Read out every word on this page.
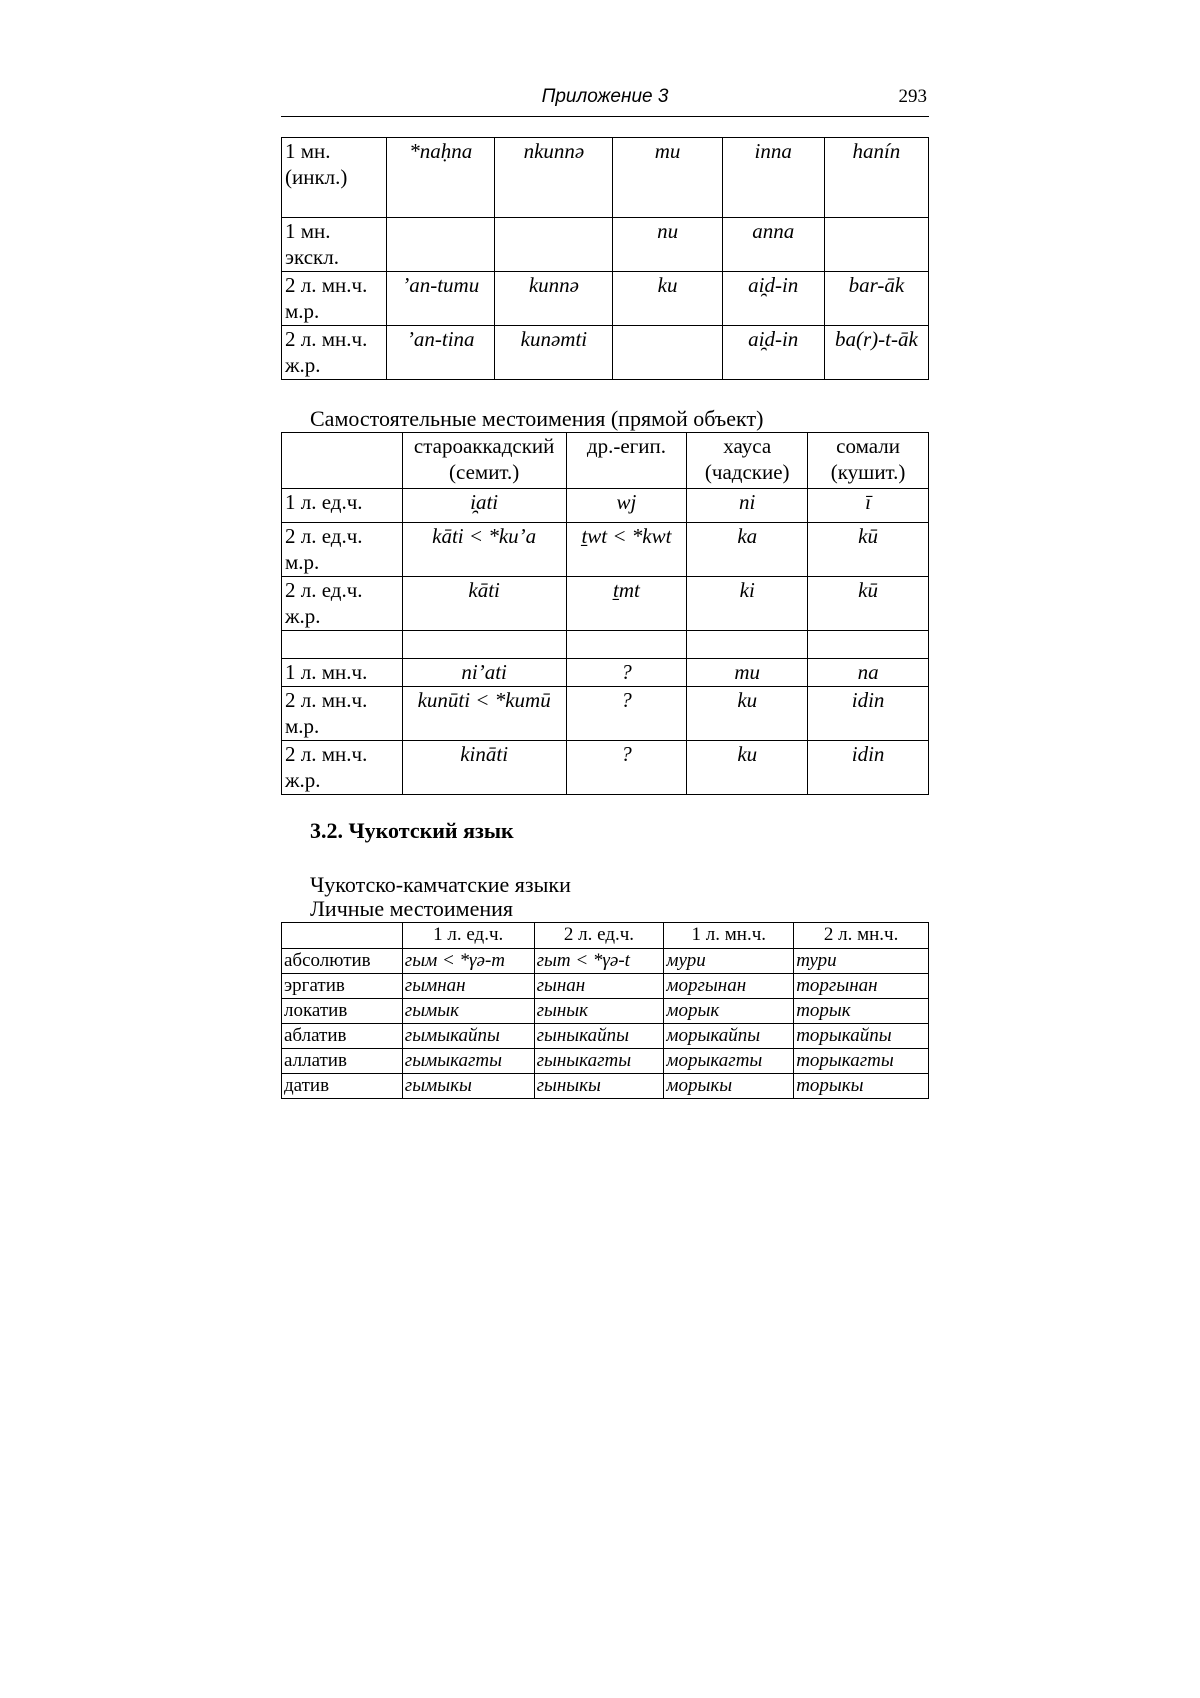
Приложение 3	293
1 мн. (инкл.)	*naḥna	nkunnə	mu	inna	hanín
1 мн. экскл.			nu	anna	
2 л. мн.ч. м.р.	’an-tumu	kunnə	ku	ai̯d-in	bar-āk
2 л. мн.ч. ж.р.	’an-tina	kunəmti		ai̯d-in	ba(r)-t-āk
Самостоятельные местоимения (прямой объект)
	староаккадский (семит.)	др.-егип.	хауса (чадские)	сомали (кушит.)
1 л. ед.ч.	i̯ati	wj	ni	ī
2 л. ед.ч. м.р.	kāti < *ku’a	t̠wt < *kwt	ka	kū
2 л. ед.ч. ж.р.	kāti	t̠mt	ki	kū

1 л. мн.ч.	ni’ati	?	mu	na
2 л. мн.ч. м.р.	kunūti < *kumū	?	ku	idin
2 л. мн.ч. ж.р.	kināti	?	ku	idin
3.2. Чукотский язык
Чукотско-камчатские языки
Личные местоимения
	1 л. ед.ч.	2 л. ед.ч.	1 л. мн.ч.	2 л. мн.ч.
абсолютив	гым < *γə-m	гыт < *γə-t	мури	тури
эргатив	гымнан	гынан	моргынан	торгынан
локатив	гымык	гынык	морык	торык
аблатив	гымыкайпы	гыныкайпы	морыкайпы	торыкайпы
аллатив	гымыкагты	гыныкагты	морыкагты	торыкагты
датив	гымыкы	гыныкы	морыкы	торыкы
